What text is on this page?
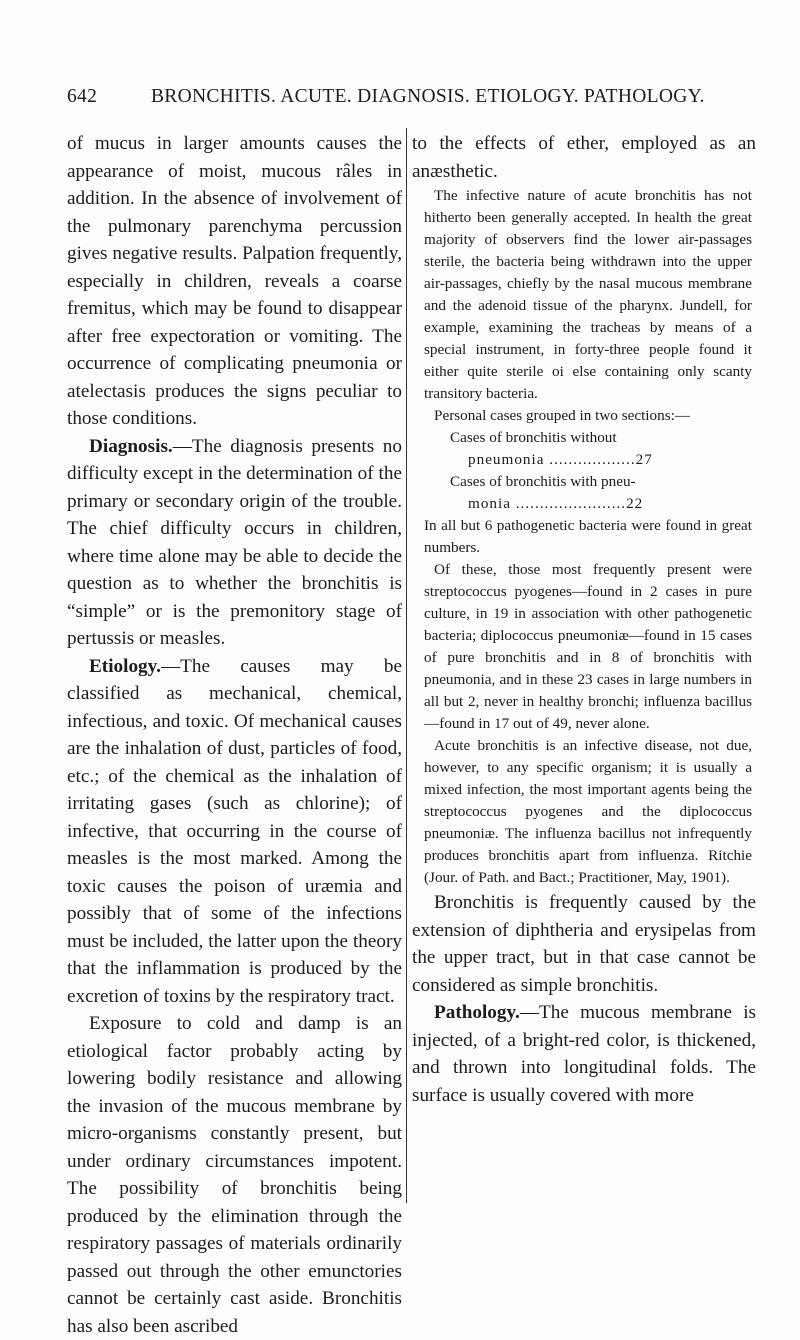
642	BRONCHITIS. ACUTE. DIAGNOSIS. ETIOLOGY. PATHOLOGY.

of mucus in larger amounts causes the appearance of moist, mucous râles in addition. In the absence of involvement of the pulmonary parenchyma percussion gives negative results. Palpation frequently, especially in children, reveals a coarse fremitus, which may be found to disappear after free expectoration or vomiting. The occurrence of complicating pneumonia or atelectasis produces the signs peculiar to those conditions.

Diagnosis.—The diagnosis presents no difficulty except in the determination of the primary or secondary origin of the trouble. The chief difficulty occurs in children, where time alone may be able to decide the question as to whether the bronchitis is “simple” or is the premonitory stage of pertussis or measles.

Etiology.—The causes may be classified as mechanical, chemical, infectious, and toxic. Of mechanical causes are the inhalation of dust, particles of food, etc.; of the chemical as the inhalation of irritating gases (such as chlorine); of infective, that occurring in the course of measles is the most marked. Among the toxic causes the poison of uræmia and possibly that of some of the infections must be included, the latter upon the theory that the inflammation is produced by the excretion of toxins by the respiratory tract.

Exposure to cold and damp is an etiological factor probably acting by lowering bodily resistance and allowing the invasion of the mucous membrane by micro-organisms constantly present, but under ordinary circumstances impotent. The possibility of bronchitis being produced by the elimination through the respiratory passages of materials ordinarily passed out through the other emunctories cannot be certainly cast aside. Bronchitis has also been ascribed

to the effects of ether, employed as an anæsthetic.

The infective nature of acute bronchitis has not hitherto been generally accepted. In health the great majority of observers find the lower air-passages sterile, the bacteria being withdrawn into the upper air-passages, chiefly by the nasal mucous membrane and the adenoid tissue of the pharynx. Jundell, for example, examining the tracheas by means of a special instrument, in forty-three people found it either quite sterile oi else containing only scanty transitory bacteria.

Personal cases grouped in two sections:—

Cases of bronchitis without

pneumonia ..................27

Cases of bronchitis with pneu-

monia .......................22

In all but 6 pathogenetic bacteria were found in great numbers.

Of these, those most frequently present were streptococcus pyogenes—found in 2 cases in pure culture, in 19 in association with other pathogenetic bacteria; diplococcus pneumoniæ—found in 15 cases of pure bronchitis and in 8 of bronchitis with pneumonia, and in these 23 cases in large numbers in all but 2, never in healthy bronchi; influenza bacillus—found in 17 out of 49, never alone.

Acute bronchitis is an infective disease, not due, however, to any specific organism; it is usually a mixed infection, the most important agents being the streptococcus pyogenes and the diplococcus pneumoniæ. The influenza bacillus not infrequently produces bronchitis apart from influenza. Ritchie (Jour. of Path. and Bact.; Practitioner, May, 1901).

Bronchitis is frequently caused by the extension of diphtheria and erysipelas from the upper tract, but in that case cannot be considered as simple bronchitis.

Pathology.—The mucous membrane is injected, of a bright-red color, is thickened, and thrown into longitudinal folds. The surface is usually covered with more
